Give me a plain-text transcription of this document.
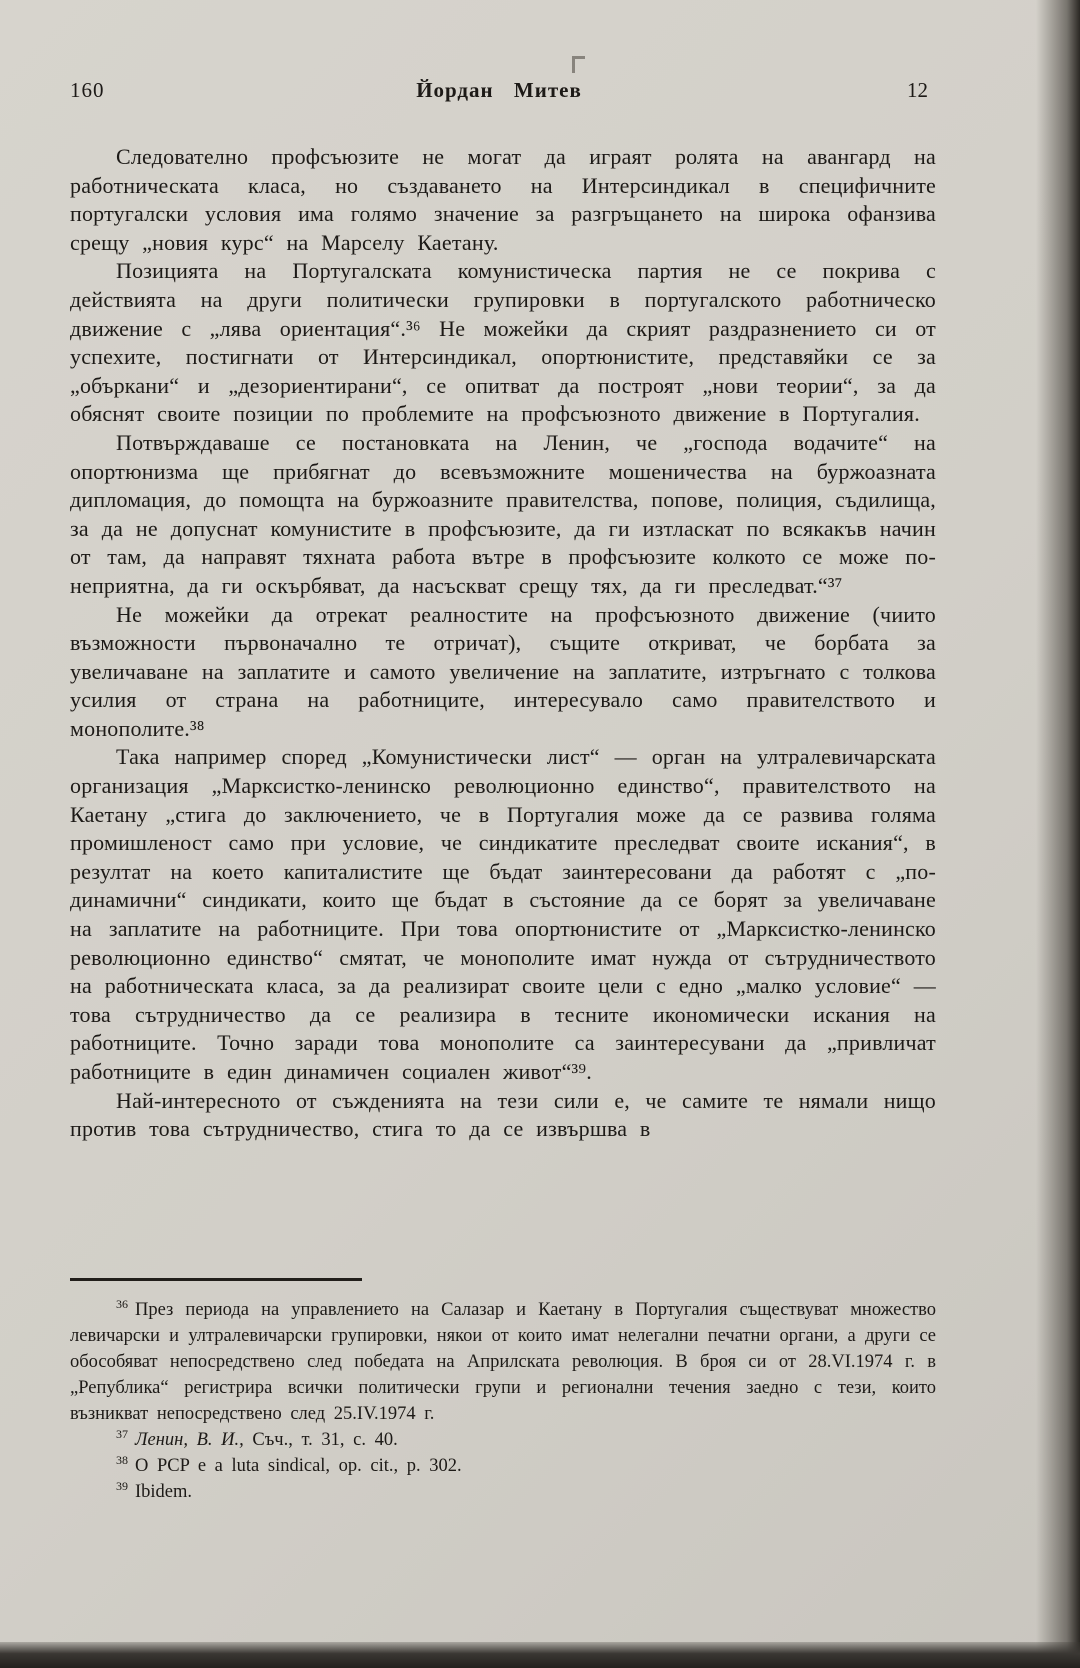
160	Йордан Митев	12

Следователно профсъюзите не могат да играят ролята на авангард на работническата класа, но създаването на Интерсиндикал в специфичните португалски условия има голямо значение за разгръщането на широка офанзива срещу „новия курс“ на Марселу Каетану.

Позицията на Португалската комунистическа партия не се покрива с действията на други политически групировки в португалското работническо движение с „лява ориентация“.³⁶ Не можейки да скрият раздразнението си от успехите, постигнати от Интерсиндикал, опортюнистите, представяйки се за „объркани“ и „дезориентирани“, се опитват да построят „нови теории“, за да обяснят своите позиции по проблемите на профсъюзното движение в Португалия.

Потвърждаваше се постановката на Ленин, че „господа водачите“ на опортюнизма ще прибягнат до всевъзможните мошеничества на буржоазната дипломация, до помощта на буржоазните правителства, попове, полиция, съдилища, за да не допуснат комунистите в профсъюзите, да ги изтласкат по всякакъв начин от там, да направят тяхната работа вътре в профсъюзите колкото се може по-неприятна, да ги оскърбяват, да насъскват срещу тях, да ги преследват.“³⁷

Не можейки да отрекат реалностите на профсъюзното движение (чиито възможности първоначално те отричат), същите откриват, че борбата за увеличаване на заплатите и самото увеличение на заплатите, изтръгнато с толкова усилия от страна на работниците, интересувало само правителството и монополите.³⁸

Така например според „Комунистически лист“ — орган на ултралевичарската организация „Марксистко-ленинско революционно единство“, правителството на Каетану „стига до заключението, че в Португалия може да се развива голяма промишленост само при условие, че синдикатите преследват своите искания“, в резултат на което капиталистите ще бъдат заинтересовани да работят с „по-динамични“ синдикати, които ще бъдат в състояние да се борят за увеличаване на заплатите на работниците. При това опортюнистите от „Марксистко-ленинско революционно единство“ смятат, че монополите имат нужда от сътрудничеството на работническата класа, за да реализират своите цели с едно „малко условие“ — това сътрудничество да се реализира в тесните икономически искания на работниците. Точно заради това монополите са заинтересувани да „привличат работниците в един динамичен социален живот“³⁹.

Най-интересното от съжденията на тези сили е, че самите те нямали нищо против това сътрудничество, стига то да се извършва в

$^{36}$ През периода на управлението на Салазар и Каетану в Португалия съществуват множество левичарски и ултралевичарски групировки, някои от които имат нелегални печатни органи, а други се обособяват непосредствено след победата на Априлската революция. В броя си от 28.VI.1974 г. в „Република“ регистрира всички политически групи и регионални течения заедно с тези, които възникват непосредствено след 25.IV.1974 г.

$^{37}$ Ленин, В. И., Съч., т. 31, с. 40.

$^{38}$ O PCP e a luta sindical, op. cit., p. 302.

$^{39}$ Ibidem.
